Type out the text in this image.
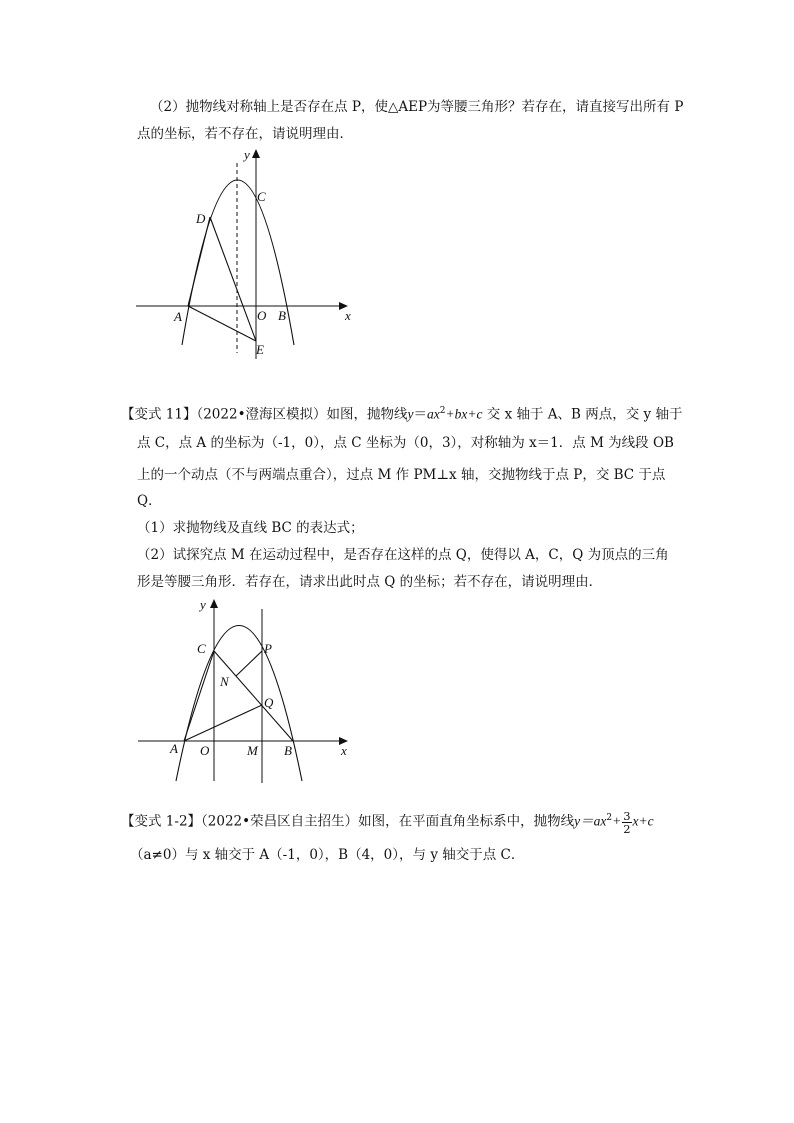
（2）抛物线对称轴上是否存在点 P，使△AEP为等腰三角形？若存在，请直接写出所有 P
点的坐标，若不存在，请说明理由．
y
C
D
A	O B	x
E
【变式 11】（2022•澄海区模拟）如图，抛物线$y=ax^2+bx+c$ 交 x 轴于 A、B 两点，交 y 轴于
点 C，点 A 的坐标为（-1，0），点 C 坐标为（0，3），对称轴为 x＝1．点 M 为线段 OB
上的一个动点（不与两端点重合），过点 M 作 PM⊥x 轴，交抛物线于点 P，交 BC 于点
Q．
（1）求抛物线及直线 BC 的表达式；
（2）试探究点 M 在运动过程中，是否存在这样的点 Q，使得以 A，C，Q 为顶点的三角
形是等腰三角形．若存在，请求出此时点 Q 的坐标；若不存在，请说明理由．
y
C	P
N
Q
A O	M B	x
【变式 1-2】（2022•荣昌区自主招生）如图，在平面直角坐标系中，抛物线$y=ax^2+ \frac{3}{2} x+c$
（a≠0）与 x 轴交于 A（-1，0），B（4，0），与 y 轴交于点 C．
